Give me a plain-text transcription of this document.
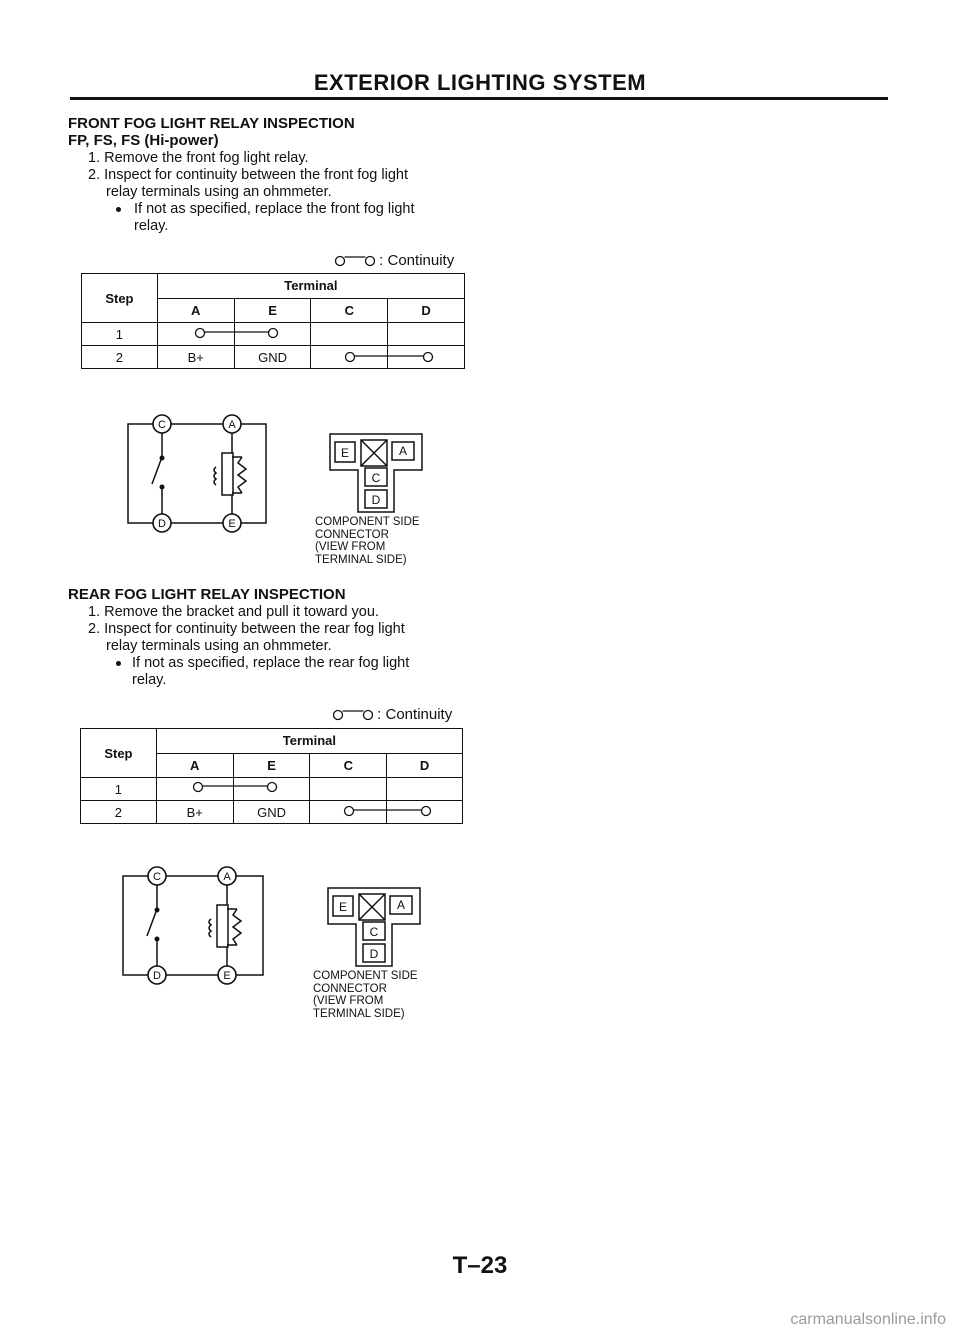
EXTERIOR LIGHTING SYSTEM
FRONT FOG LIGHT RELAY INSPECTION
FP, FS, FS (Hi-power)
1. Remove the front fog light relay.
2. Inspect for continuity between the front fog light
relay terminals using an ohmmeter.
If not as specified, replace the front fog light
relay.
: Continuity
Step	Terminal			
	A	E	C	D
1				
2	B+	GND		
C	A
D	E
E	A
C
D
COMPONENT SIDE
CONNECTOR
(VIEW FROM
TERMINAL SIDE)
REAR FOG LIGHT RELAY INSPECTION
1. Remove the bracket and pull it toward you.
2. Inspect for continuity between the rear fog light
relay terminals using an ohmmeter.
If not as specified, replace the rear fog light
relay.
: Continuity
Step	Terminal			
	A	E	C	D
1				
2	B+	GND		
C	A
D	E
E	A
C
D
COMPONENT SIDE
CONNECTOR
(VIEW FROM
TERMINAL SIDE)
T–23
carmanualsonline.info
